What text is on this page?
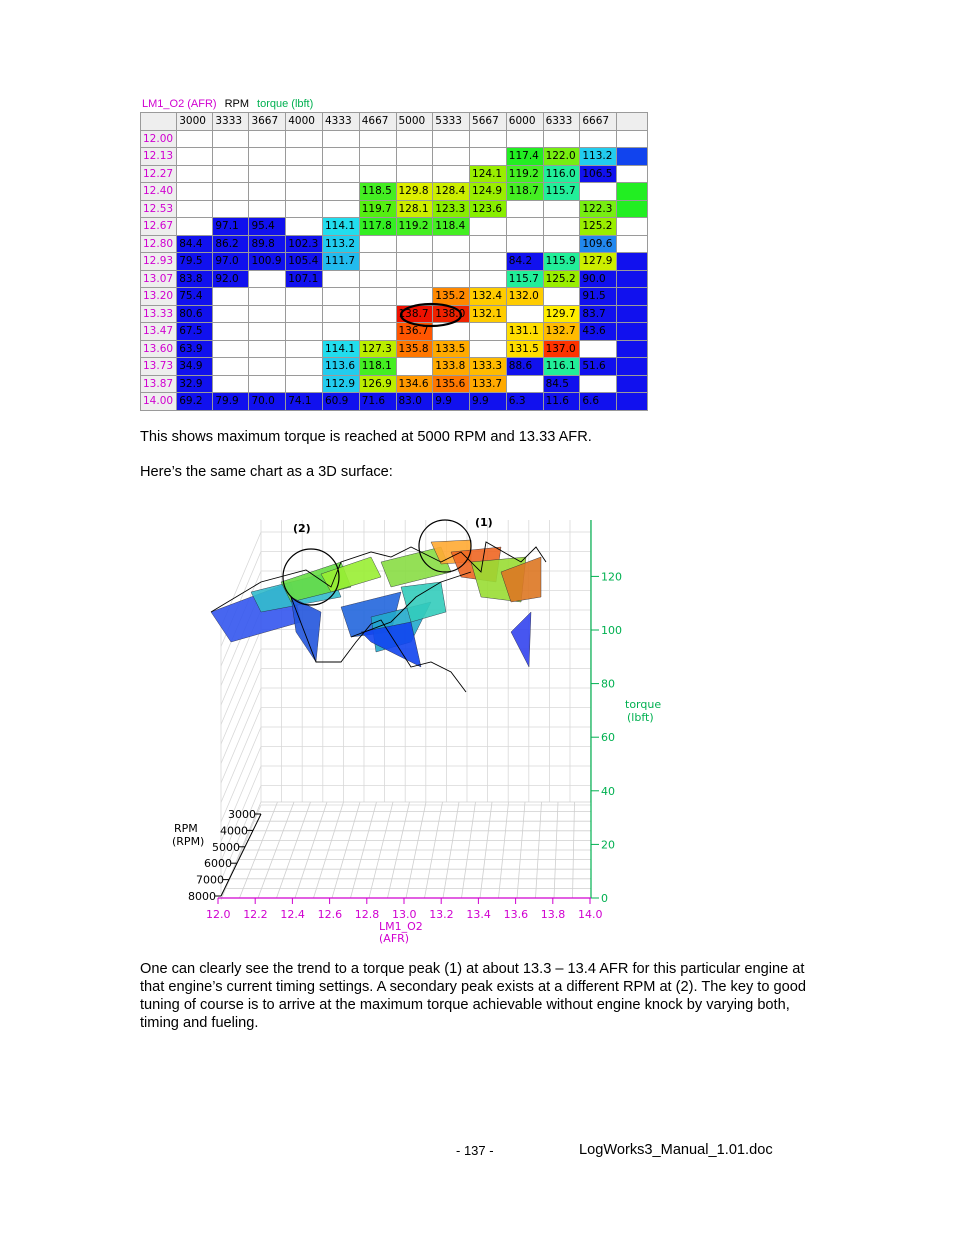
LM1_O2 (AFR) RPM torque (lbft)
	3000	3333	3667	4000	4333	4667	5000	5333	5667	6000	6333	6667	
12.00													
12.13										117.4	122.0	113.2	
12.27									124.1	119.2	116.0	106.5	
12.40						118.5	129.8	128.4	124.9	118.7	115.7		
12.53						119.7	128.1	123.3	123.6			122.3	
12.67		97.1	95.4		114.1	117.8	119.2	118.4				125.2	
12.80	84.4	86.2	89.8	102.3	113.2							109.6	
12.93	79.5	97.0	100.9	105.4	111.7					84.2	115.9	127.9	
13.07	83.8	92.0		107.1						115.7	125.2	90.0	
13.20	75.4							135.2	132.4	132.0		91.5	
13.33	80.6						138.7	138.0	132.1		129.7	83.7	
13.47	67.5						136.7			131.1	132.7	43.6	
13.60	63.9				114.1	127.3	135.8	133.5		131.5	137.0		
13.73	34.9				113.6	118.1		133.8	133.3	88.6	116.1	51.6	
13.87	32.9				112.9	126.9	134.6	135.6	133.7		84.5		
14.00	69.2	79.9	70.0	74.1	60.9	71.6	83.0	9.9	9.9	6.3	11.6	6.6	
This shows maximum torque is reached at 5000 RPM and 13.33 AFR.
Here’s the same chart as a 3D surface:
(2)	(1)
0
20
40
60
80
100
120
torque
(lbft)
12.0 12.2 12.4 12.6 12.8 13.0 13.2 13.4 13.6 13.8 14.0
LM1_O2
(AFR)
3000
4000
5000
6000
7000
8000
RPM
(RPM)
One can clearly see the trend to a torque peak (1) at about 13.3 – 13.4 AFR for this particular engine at that engine’s current timing settings. A secondary peak exists at a different RPM at (2). The key to good tuning of course is to arrive at the maximum torque achievable without engine knock by varying both, timing and fueling.
- 137 -	LogWorks3_Manual_1.01.doc
